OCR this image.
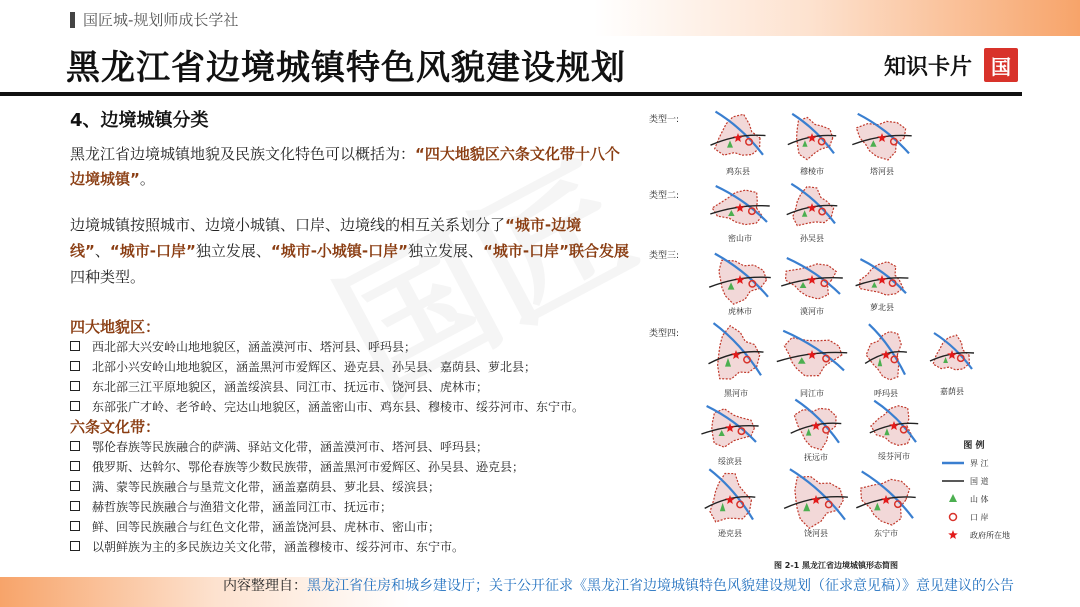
国匠城-规划师成长学社
黑龙江省边境城镇特色风貌建设规划	知识卡片 国
4、边境城镇分类
黑龙江省边境城镇地貌及民族文化特色可以概括为：“四大地貌区六条文化带十八个边境城镇”。
边境城镇按照城市、边境小城镇、口岸、边境线的相互关系划分了“城市-边境线”、“城市-口岸”独立发展、“城市-小城镇-口岸”独立发展、“城市-口岸”联合发展四种类型。
四大地貌区：
西北部大兴安岭山地地貌区，涵盖漠河市、塔河县、呼玛县；
北部小兴安岭山地地貌区，涵盖黑河市爱辉区、逊克县、孙吴县、嘉荫县、萝北县；
东北部三江平原地貌区，涵盖绥滨县、同江市、抚远市、饶河县、虎林市；
东部张广才岭、老爷岭、完达山地貌区，涵盖密山市、鸡东县、穆棱市、绥芬河市、东宁市。
六条文化带：
鄂伦春族等民族融合的萨满、驿站文化带，涵盖漠河市、塔河县、呼玛县；
俄罗斯、达斡尔、鄂伦春族等少数民族带，涵盖黑河市爱辉区、孙吴县、逊克县；
满、蒙等民族融合与垦荒文化带，涵盖嘉荫县、萝北县、绥滨县；
赫哲族等民族融合与渔猎文化带，涵盖同江市、抚远市；
鲜、回等民族融合与红色文化带，涵盖饶河县、虎林市、密山市；
以朝鲜族为主的多民族边关文化带，涵盖穆棱市、绥芬河市、东宁市。
类型一:
类型二:
类型三:
类型四:
鸡东县	穆棱市	塔河县
密山市	孙吴县
虎林市	漠河市	萝北县
黑河市	同江市	呼玛县	嘉荫县
绥滨县	抚远市	绥芬河市
逊克县	饶河县	东宁市
图 例
界 江
国 道
山 体
口 岸
政府所在地
图 2-1 黑龙江省边境城镇形态简图
内容整理自：黑龙江省住房和城乡建设厅；关于公开征求《黑龙江省边境城镇特色风貌建设规划（征求意见稿）》意见建议的公告
